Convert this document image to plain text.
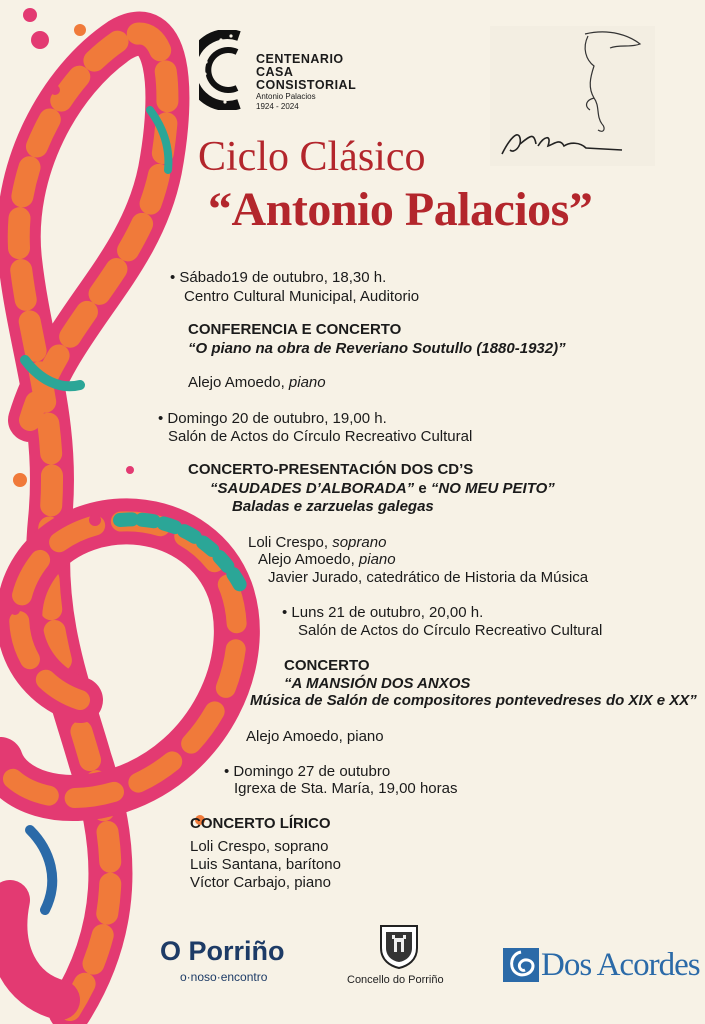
CENTENARIO
CASA
CONSISTORIAL
Antonio Palacios
1924 - 2024
Ciclo Clásico
“Antonio Palacios”
• Sábado19 de outubro, 18,30 h.
Centro Cultural Municipal, Auditorio
CONFERENCIA E CONCERTO
“O piano na obra de Reveriano Soutullo (1880-1932)”
Alejo Amoedo, piano
• Domingo 20 de outubro, 19,00 h.
Salón de Actos do Círculo Recreativo Cultural
CONCERTO-PRESENTACIÓN DOS CD’S
“SAUDADES D’ALBORADA” e “NO MEU PEITO”
Baladas e zarzuelas galegas
Loli Crespo, soprano
Alejo Amoedo, piano
Javier Jurado, catedrático de Historia da Música
• Luns 21 de outubro, 20,00 h.
Salón de Actos do Círculo Recreativo Cultural
CONCERTO
“A MANSIÓN DOS ANXOS
Música de Salón de compositores pontevedreses do XIX e XX”
Alejo Amoedo, piano
• Domingo 27 de outubro
Igrexa de Sta. María, 19,00 horas
CONCERTO LÍRICO
Loli Crespo, soprano
Luis Santana, barítono
Víctor Carbajo, piano
O Porriño
o·noso·encontro	Concello do Porriño	Dos Acordes
